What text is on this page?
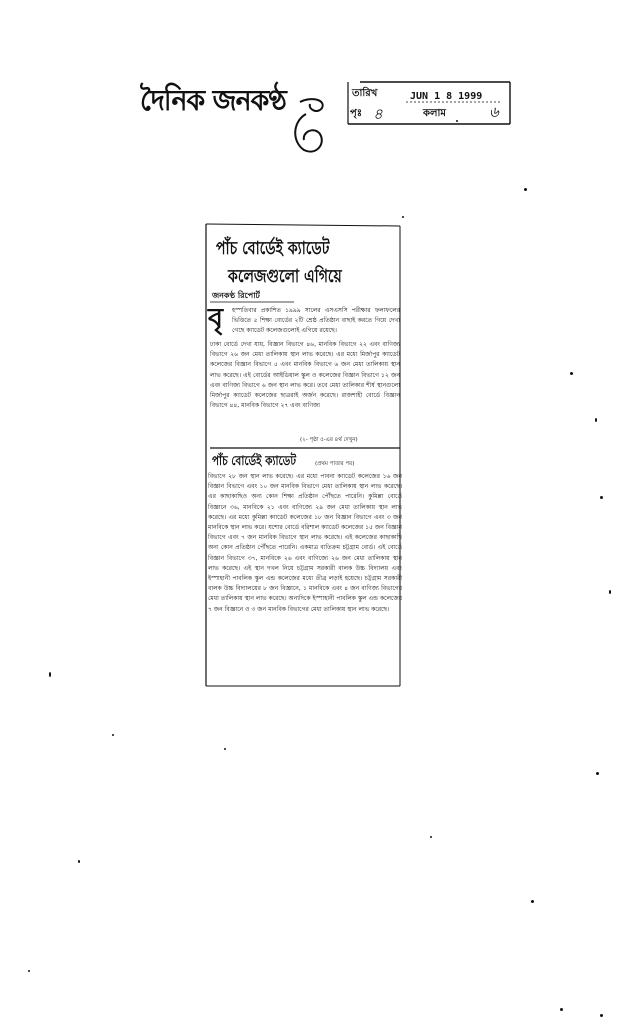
দৈনিক জনকণ্ঠ	তারিখ	JUN 1 8 1999
পৃঃ ৪	কলাম	৬
পাঁচ বোর্ডেই ক্যাডেট
কলেজগুলো এগিয়ে
জনকণ্ঠ রিপোর্ট
বৃ হস্পতিবার প্রকাশিত ১৯৯৯ সালের এসএসসি পরীক্ষার ফলাফলের ভিত্তিতে ৫ শিক্ষা বোর্ডের ২টি শ্রেষ্ঠ প্রতিষ্ঠান বাছাই করতে গিয়ে দেখা গেছে ক্যাডেট কলেজগুলোই এগিয়ে রয়েছে।
ঢাকা বোর্ডে দেখা যায়, বিজ্ঞান বিভাগে ৪৬, মানবিক বিভাগে ২২ এবং বাণিজ্য বিভাগে ২৬ জন মেধা তালিকায় স্থান লাভ করেছে। এর মধ্যে মির্জাপুর ক্যাডেট কলেজের বিজ্ঞান বিভাগে ৫ এবং মানবিক বিভাগে ৬ জন মেধা তালিকায় স্থান লাভ করেছে। এই বোর্ডের আইডিয়াল স্কুল ও কলেজের বিজ্ঞান বিভাগে ১২ জন এবং বাণিজ্য বিভাগে ৬ জন স্থান লাভ করে। তবে মেধা তালিকার শীর্ষ স্থানগুলো মির্জাপুর ক্যাডেট কলেজের ছাত্ররাই অর্জন করেছে। রাজশাহী বোর্ডে বিজ্ঞান বিভাগে ৪৪, মানবিক বিভাগে ২৭ এবং বাণিজ্য
(২- পৃষ্ঠা ৫-এর ৪র্থ দেখুন)
পাঁচ বোর্ডেই ক্যাডেট	(প্রথম পাতার পর)
বিভাগে ২৮ জন স্থান লাভ করেছে। এর মধ্যে পাবনা ক্যাডেট কলেজের ১৬ জন বিজ্ঞান বিভাগে এবং ১০ জন মানবিক বিভাগে মেধা তালিকায় স্থান লাভ করেছে। এর কাছাকাছিও অন্য কোন শিক্ষা প্রতিষ্ঠান পৌঁছতে পারেনি। কুমিল্লা বোর্ডে বিজ্ঞানে ৩৬, মানবিকে ২১ এবং বাণিজ্যে ২৯ জন মেধা তালিকায় স্থান লাভ করেছে। এর মধ্যে কুমিল্লা ক্যাডেট কলেজের ১৮ জন বিজ্ঞান বিভাগে এবং ৩ জন মানবিকে স্থান লাভ করে। যশোর বোর্ডে বরিশাল ক্যাডেট কলেজের ১৫ জন বিজ্ঞান বিভাগে এবং ৭ জন মানবিক বিভাগে স্থান লাভ করেছে। এই কলেজের কাছাকাছি অন্য কোন প্রতিষ্ঠান পৌঁছতে পারেনি। একমাত্র ব্যতিক্রম চট্টগ্রাম বোর্ড। এই বোর্ডে বিজ্ঞান বিভাগে ৩৭, মানবিকে ২৬ এবং বাণিজ্যে ২৬ জন মেধা তালিকায় স্থান লাভ করেছে। এই স্থান দখল নিয়ে চট্টগ্রাম সরকারী বালক উচ্চ বিদ্যালয় এবং ইস্পাহানী পাবলিক স্কুল এন্ড কলেজের মধ্যে তীব্র লড়াই হয়েছে। চট্টগ্রাম সরকারী বালক উচ্চ বিদ্যালয়ের ৮ জন বিজ্ঞানে, ১ মানবিকে এবং ৪ জন বাণিজ্য বিভাগের মেধা তালিকায় স্থান লাভ করেছে। অন্যদিকে ইস্পাহানী পাবলিক স্কুল এন্ড কলেজের ৭ জন বিজ্ঞানে ও ৩ জন মানবিক বিভাগের মেধা তালিকায় স্থান লাভ করেছে।
